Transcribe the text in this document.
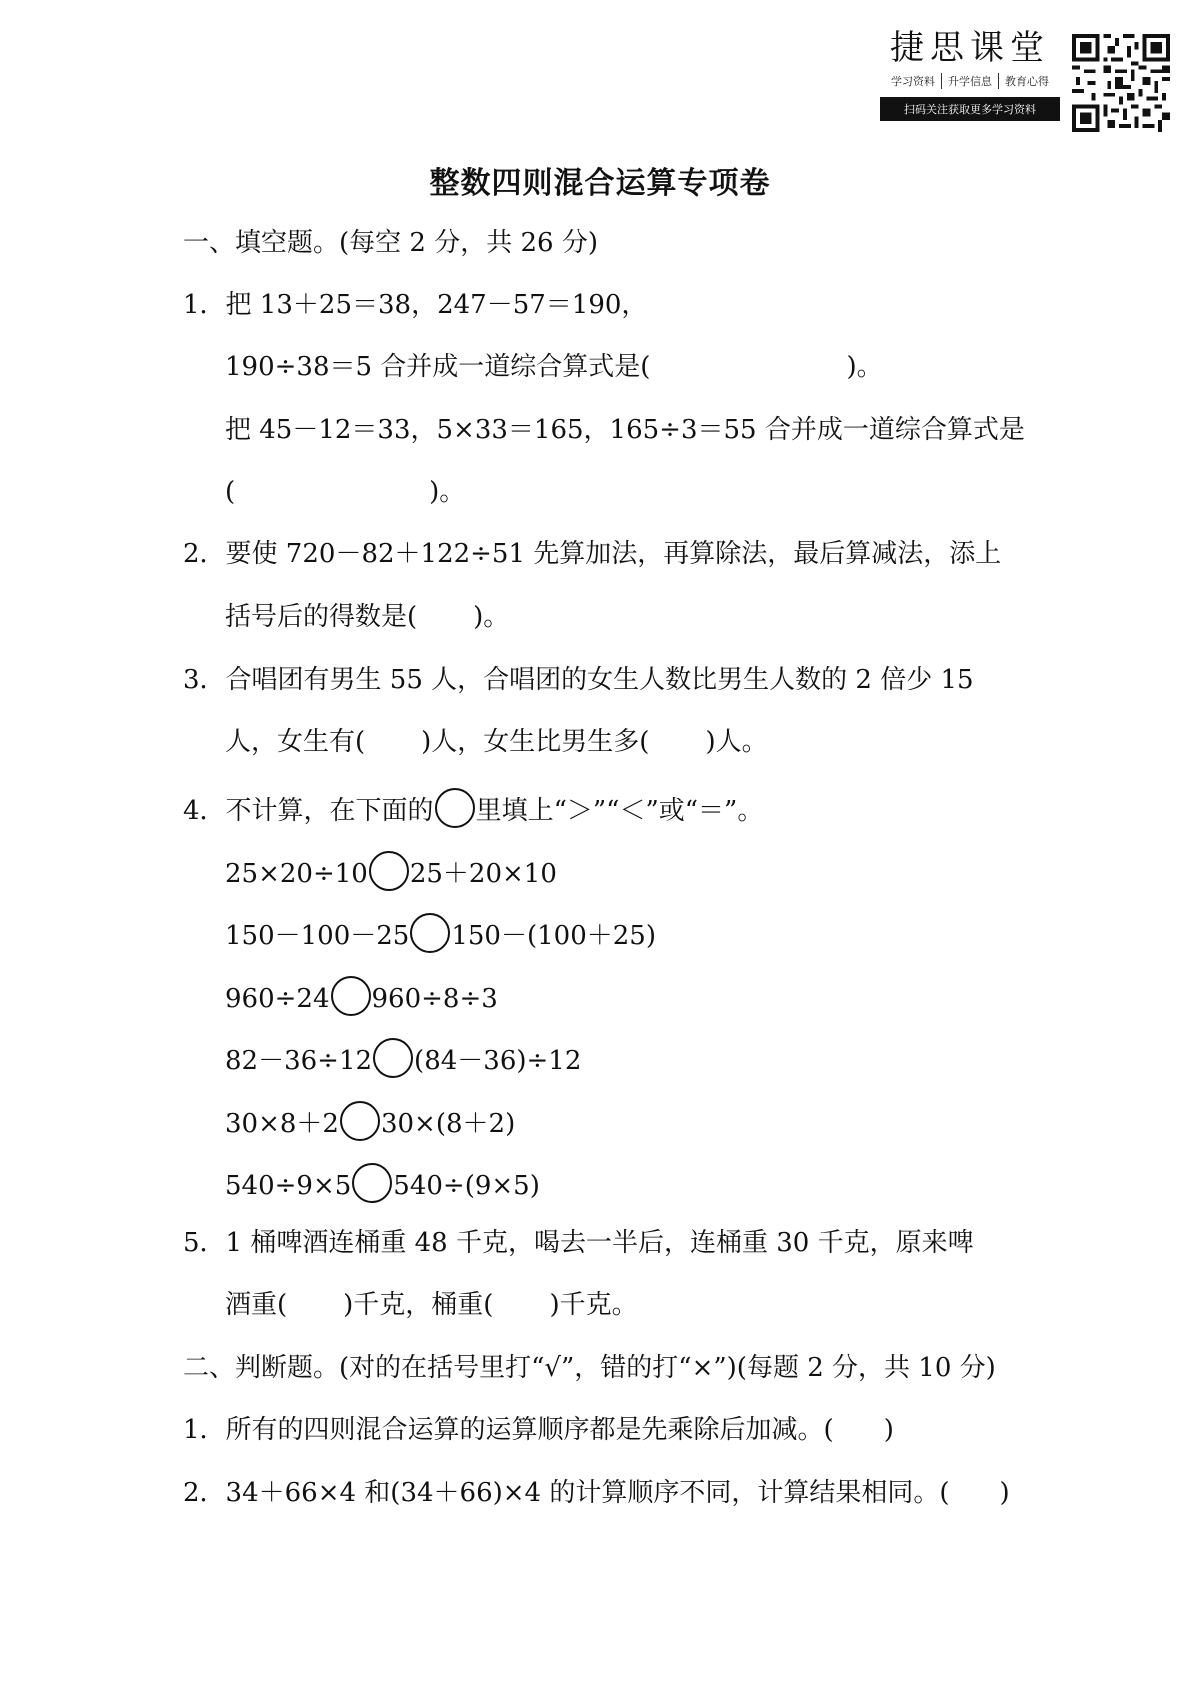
捷思课堂
学习资料	升学信息	教育心得
扫码关注获取更多学习资料
整数四则混合运算专项卷
一、填空题。(每空 2 分，共 26 分)
1．把 13＋25＝38，247－57＝190，
190÷38＝5 合并成一道综合算式是(	)。
把 45－12＝33，5×33＝165，165÷3＝55 合并成一道综合算式是
(	)。
2．要使 720－82＋122÷51 先算加法，再算除法，最后算减法，添上
括号后的得数是( )。
3．合唱团有男生 55 人，合唱团的女生人数比男生人数的 2 倍少 15
人，女生有( )人，女生比男生多( )人。
4．不计算，在下面的 里填上“＞”“＜”或“＝”。
25×20÷10 25＋20×10
150－100－25 150－(100＋25)
960÷24 960÷8÷3
82－36÷12 (84－36)÷12
30×8＋2 30×(8＋2)
540÷9×5 540÷(9×5)
5．1 桶啤酒连桶重 48 千克，喝去一半后，连桶重 30 千克，原来啤
酒重( )千克，桶重( )千克。
二、判断题。(对的在括号里打“√”，错的打“×”)(每题 2 分，共 10 分)
1．所有的四则混合运算的运算顺序都是先乘除后加减。( )
2．34＋66×4 和(34＋66)×4 的计算顺序不同，计算结果相同。( )
